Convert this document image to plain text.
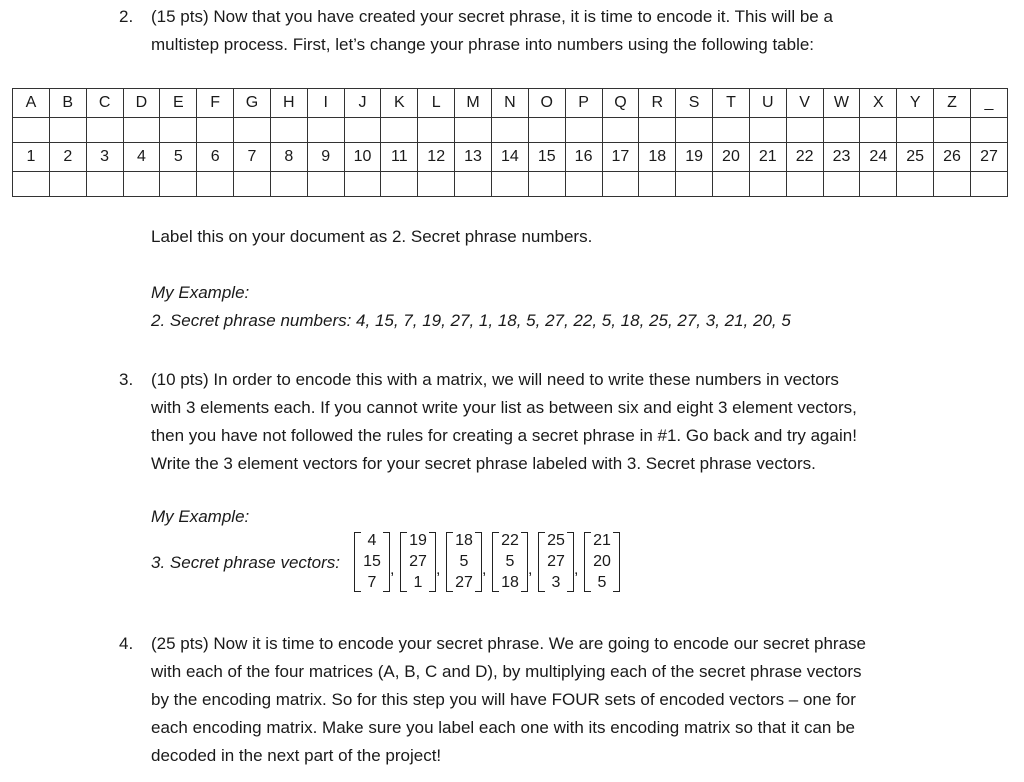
2. (15 pts) Now that you have created your secret phrase, it is time to encode it. This will be a
multistep process. First, let’s change your phrase into numbers using the following table:
A	B	C	D	E	F	G	H	I	J	K	L	M	N	O	P	Q	R	S	T	U	V	W	X	Y	Z	_

1	2	3	4	5	6	7	8	9	10	11	12	13	14	15	16	17	18	19	20	21	22	23	24	25	26	27

Label this on your document as 2. Secret phrase numbers.
My Example:
2. Secret phrase numbers: 4, 15, 7, 19, 27, 1, 18, 5, 27, 22, 5, 18, 25, 27, 3, 21, 20, 5
3. (10 pts) In order to encode this with a matrix, we will need to write these numbers in vectors
with 3 elements each. If you cannot write your list as between six and eight 3 element vectors,
then you have not followed the rules for creating a secret phrase in #1. Go back and try again!
Write the 3 element vectors for your secret phrase labeled with 3. Secret phrase vectors.
My Example:
3. Secret phrase vectors:
4
15
7
,
19
27
1
,
18
5
27
,
22
5
18
,
25
27
3
,
21
20
5
4. (25 pts) Now it is time to encode your secret phrase. We are going to encode our secret phrase
with each of the four matrices (A, B, C and D), by multiplying each of the secret phrase vectors
by the encoding matrix. So for this step you will have FOUR sets of encoded vectors – one for
each encoding matrix. Make sure you label each one with its encoding matrix so that it can be
decoded in the next part of the project!
